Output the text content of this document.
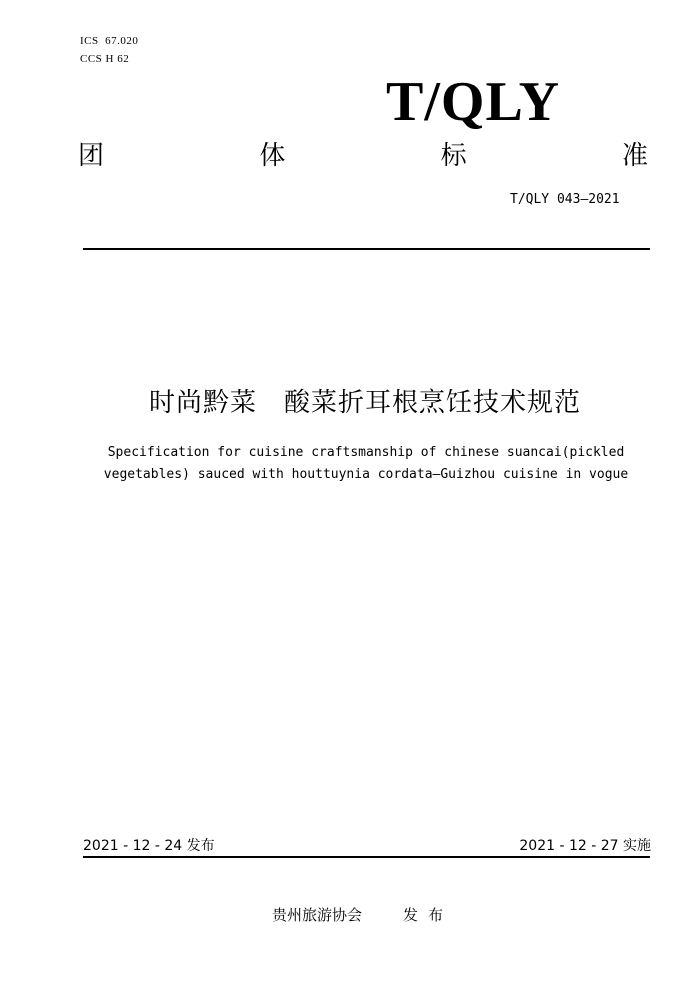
ICS  67.020
CCS H 62
T/QLY
团	体	标	准
T/QLY 043—2021
时尚黔菜　酸菜折耳根烹饪技术规范
Specification for cuisine craftsmanship of chinese suancai(pickled
vegetables) sauced with houttuynia cordata—Guizhou cuisine in vogue
2021 - 12 - 24 发布	2021 - 12 - 27 实施
贵州旅游协会	发布
